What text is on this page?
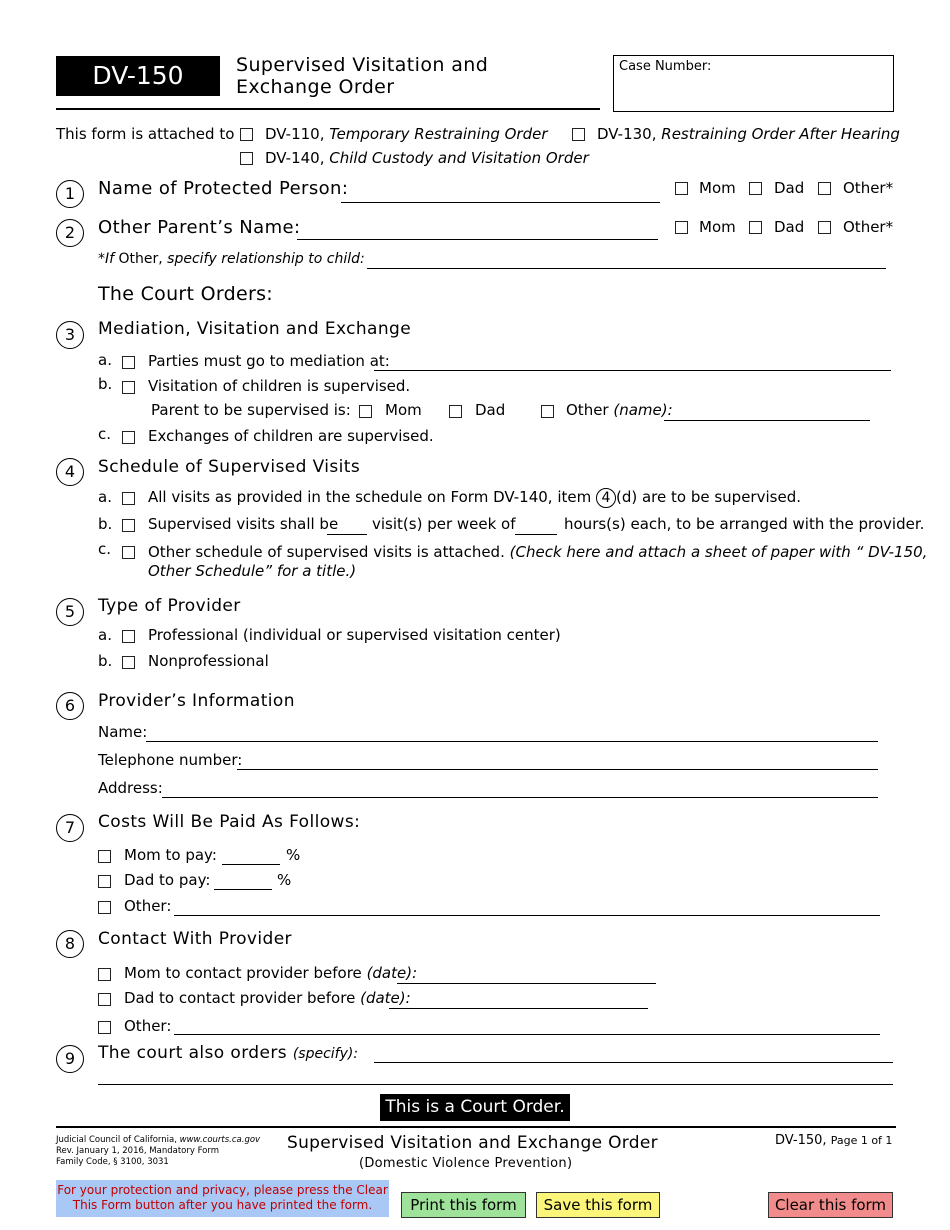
DV-150	Supervised Visitation and
Exchange Order
Case Number:
This form is attached to DV-110, Temporary Restraining Order	DV-130, Restraining Order After Hearing
DV-140, Child Custody and Visitation Order
1	Name of Protected Person:	Mom	Dad	Other*
2	Other Parent’s Name:	Mom	Dad	Other*
*If Other, specify relationship to child:
The Court Orders:
3	Mediation, Visitation and Exchange
a. Parties must go to mediation at:
b. Visitation of children is supervised.
Parent to be supervised is: Mom	Dad	Other (name):
c. Exchanges of children are supervised.
4	Schedule of Supervised Visits
a. All visits as provided in the schedule on Form DV-140, item 4 (d) are to be supervised.
b. Supervised visits shall be visit(s) per week of	hours(s) each, to be arranged with the provider.
c. Other schedule of supervised visits is attached. (Check here and attach a sheet of paper with “ DV-150,
Other Schedule” for a title.)
5	Type of Provider
a. Professional (individual or supervised visitation center)
b. Nonprofessional
6	Provider’s Information
Name:
Telephone number:
Address:
7	Costs Will Be Paid As Follows:
Mom to pay:	%
Dad to pay:	%
Other:
8	Contact With Provider
Mom to contact provider before (date):
Dad to contact provider before (date):
Other:
9	The court also orders (specify):
This is a Court Order.
Judicial Council of California, www.courts.ca.gov
Rev. January 1, 2016, Mandatory Form
Family Code, § 3100, 3031
Supervised Visitation and Exchange Order
(Domestic Violence Prevention)
DV-150, Page 1 of 1
For your protection and privacy, please press the Clear
This Form button after you have printed the form.	Print this form	Save this form	Clear this form
